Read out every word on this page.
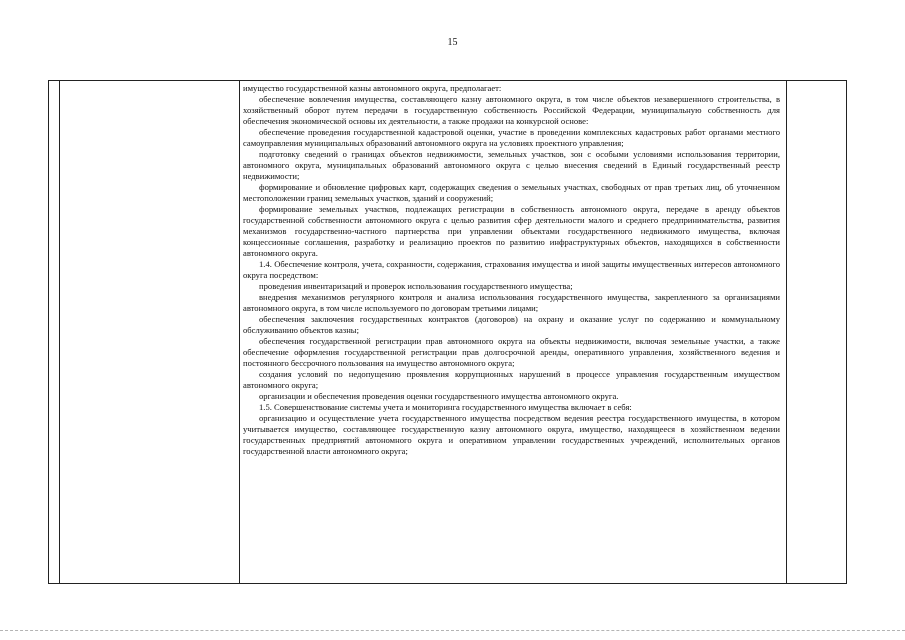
15

имущество государственной казны автономного округа, предполагает:

обеспечение вовлечения имущества, составляющего казну автономного округа, в том числе объектов незавершенного строительства, в хозяйственный оборот путем передачи в государственную собственность Российской Федерации, муниципальную собственность для обеспечения экономической основы их деятельности, а также продажи на конкурсной основе:

обеспечение проведения государственной кадастровой оценки, участие в проведении комплексных кадастровых работ органами местного самоуправления муниципальных образований автономного округа на условиях проектного управления;

подготовку сведений о границах объектов недвижимости, земельных участков, зон с особыми условиями использования территории, автономного округа, муниципальных образований автономного округа с целью внесения сведений в Единый государственный реестр недвижимости;

формирование и обновление цифровых карт, содержащих сведения о земельных участках, свободных от прав третьих лиц, об уточненном местоположении границ земельных участков, зданий и сооружений;

формирование земельных участков, подлежащих регистрации в собственность автономного округа, передаче в аренду объектов государственной собственности автономного округа с целью развития сфер деятельности малого и среднего предпринимательства, развития механизмов государственно-частного партнерства при управлении объектами государственного недвижимого имущества, включая концессионные соглашения, разработку и реализацию проектов по развитию инфраструктурных объектов, находящихся в собственности автономного округа.

1.4. Обеспечение контроля, учета, сохранности, содержания, страхования имущества и иной защиты имущественных интересов автономного округа посредством:

проведения инвентаризаций и проверок использования государственного имущества;

внедрения механизмов регулярного контроля и анализа использования государственного имущества, закрепленного за организациями автономного округа, в том числе используемого по договорам третьими лицами;

обеспечения заключения государственных контрактов (договоров) на охрану и оказание услуг по содержанию и коммунальному обслуживанию объектов казны;

обеспечения государственной регистрации прав автономного округа на объекты недвижимости, включая земельные участки, а также обеспечение оформления государственной регистрации прав долгосрочной аренды, оперативного управления, хозяйственного ведения и постоянного бессрочного пользования на имущество автономного округа;

создания условий по недопущению проявления коррупционных нарушений в процессе управления государственным имуществом автономного округа;

организации и обеспечения проведения оценки государственного имущества автономного округа.

1.5. Совершенствование системы учета и мониторинга государственного имущества включает в себя:

организацию и осуществление учета государственного имущества посредством ведения реестра государственного имущества, в котором учитывается имущество, составляющее государственную казну автономного округа, имущество, находящееся в хозяйственном ведении государственных предприятий автономного округа и оперативном управлении государственных учреждений, исполнительных органов государственной власти автономного округа;
